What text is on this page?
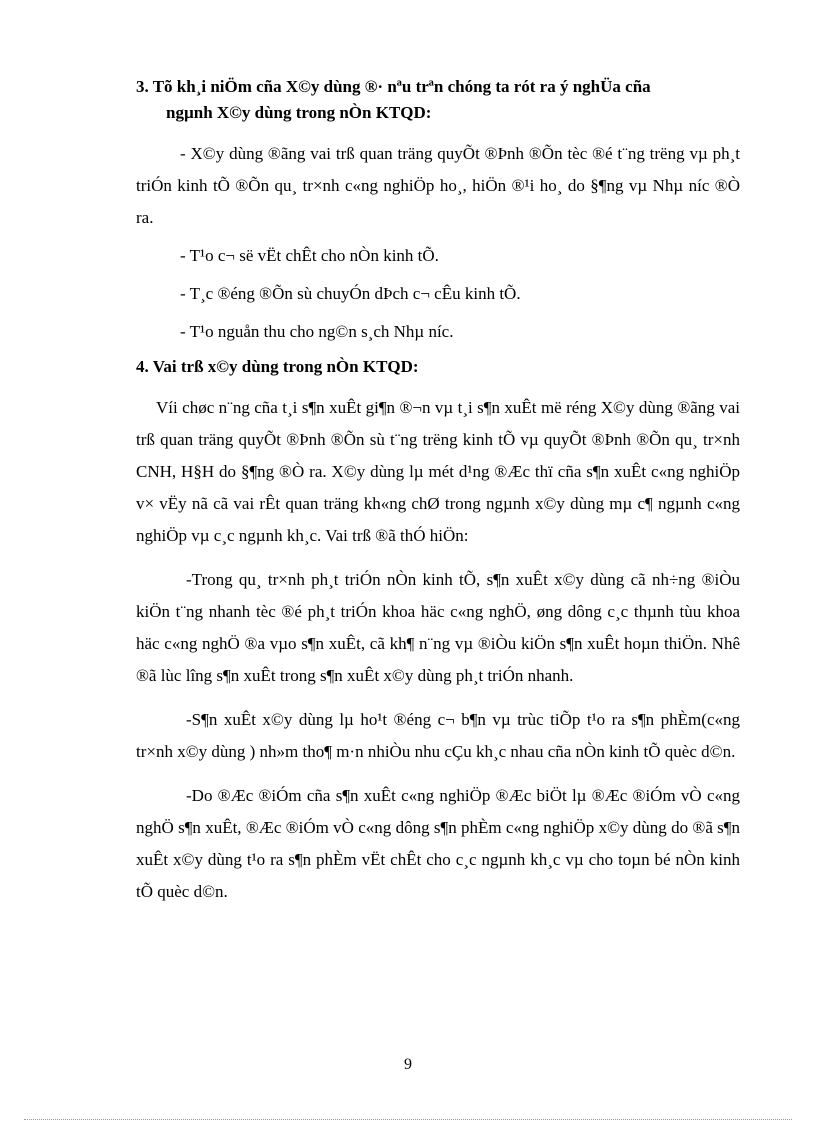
3. Tõ kh¸i niÖm cña X©y dùng ®· nªu trªn chóng ta rót ra ý nghÜa cña
ngµnh X©y dùng trong nÒn KTQD:

- X©y dùng ®ãng vai trß quan träng quyÕt ®Þnh ®Õn tèc ®é t¨ng trëng vµ ph¸t triÓn kinh tÕ ®Õn qu¸ tr×nh c«ng nghiÖp ho¸, hiÖn ®¹i ho¸ do §¶ng vµ Nhµ níc ®Ò ra.

- T¹o c¬ së vËt chÊt cho nÒn kinh tÕ.

- T¸c ®éng ®Õn sù chuyÓn dÞch c¬ cÊu kinh tÕ.

- T¹o nguån thu cho ng©n s¸ch Nhµ níc.

4. Vai trß x©y dùng trong nÒn KTQD:

Víi chøc n¨ng cña t¸i s¶n xuÊt gi¶n ®¬n vµ t¸i s¶n xuÊt më réng X©y dùng ®ãng vai trß quan träng quyÕt ®Þnh ®Õn sù t¨ng trëng kinh tÕ vµ quyÕt ®Þnh ®Õn qu¸ tr×nh CNH, H§H do §¶ng ®Ò ra. X©y dùng lµ mét d¹ng ®Æc thï cña s¶n xuÊt c«ng nghiÖp v× vËy nã cã vai rÊt quan träng kh«ng chØ trong ngµnh x©y dùng mµ c¶ ngµnh c«ng nghiÖp vµ c¸c ngµnh kh¸c. Vai trß ®ã thÓ hiÖn:

-Trong qu¸ tr×nh ph¸t triÓn nÒn kinh tÕ, s¶n xuÊt x©y dùng cã nh÷ng ®iÒu kiÖn t¨ng nhanh tèc ®é ph¸t triÓn khoa häc c«ng nghÖ, øng dông c¸c thµnh tùu khoa häc c«ng nghÖ ®a vµo s¶n xuÊt, cã kh¶ n¨ng vµ ®iÒu kiÖn s¶n xuÊt hoµn thiÖn. Nhê ®ã lùc lîng s¶n xuÊt trong s¶n xuÊt x©y dùng ph¸t triÓn nhanh.

-S¶n xuÊt x©y dùng lµ ho¹t ®éng c¬ b¶n vµ trùc tiÕp t¹o ra s¶n phÈm(c«ng tr×nh x©y dùng ) nh»m tho¶ m·n nhiÒu nhu cÇu kh¸c nhau cña nÒn kinh tÕ quèc d©n.

-Do ®Æc ®iÓm cña s¶n xuÊt c«ng nghiÖp ®Æc biÖt lµ ®Æc ®iÓm vÒ c«ng nghÖ s¶n xuÊt, ®Æc ®iÓm vÒ c«ng dông s¶n phÈm c«ng nghiÖp x©y dùng do ®ã s¶n xuÊt x©y dùng t¹o ra s¶n phÈm vËt chÊt cho c¸c ngµnh kh¸c vµ cho toµn bé nÒn kinh tÕ quèc d©n.

9
